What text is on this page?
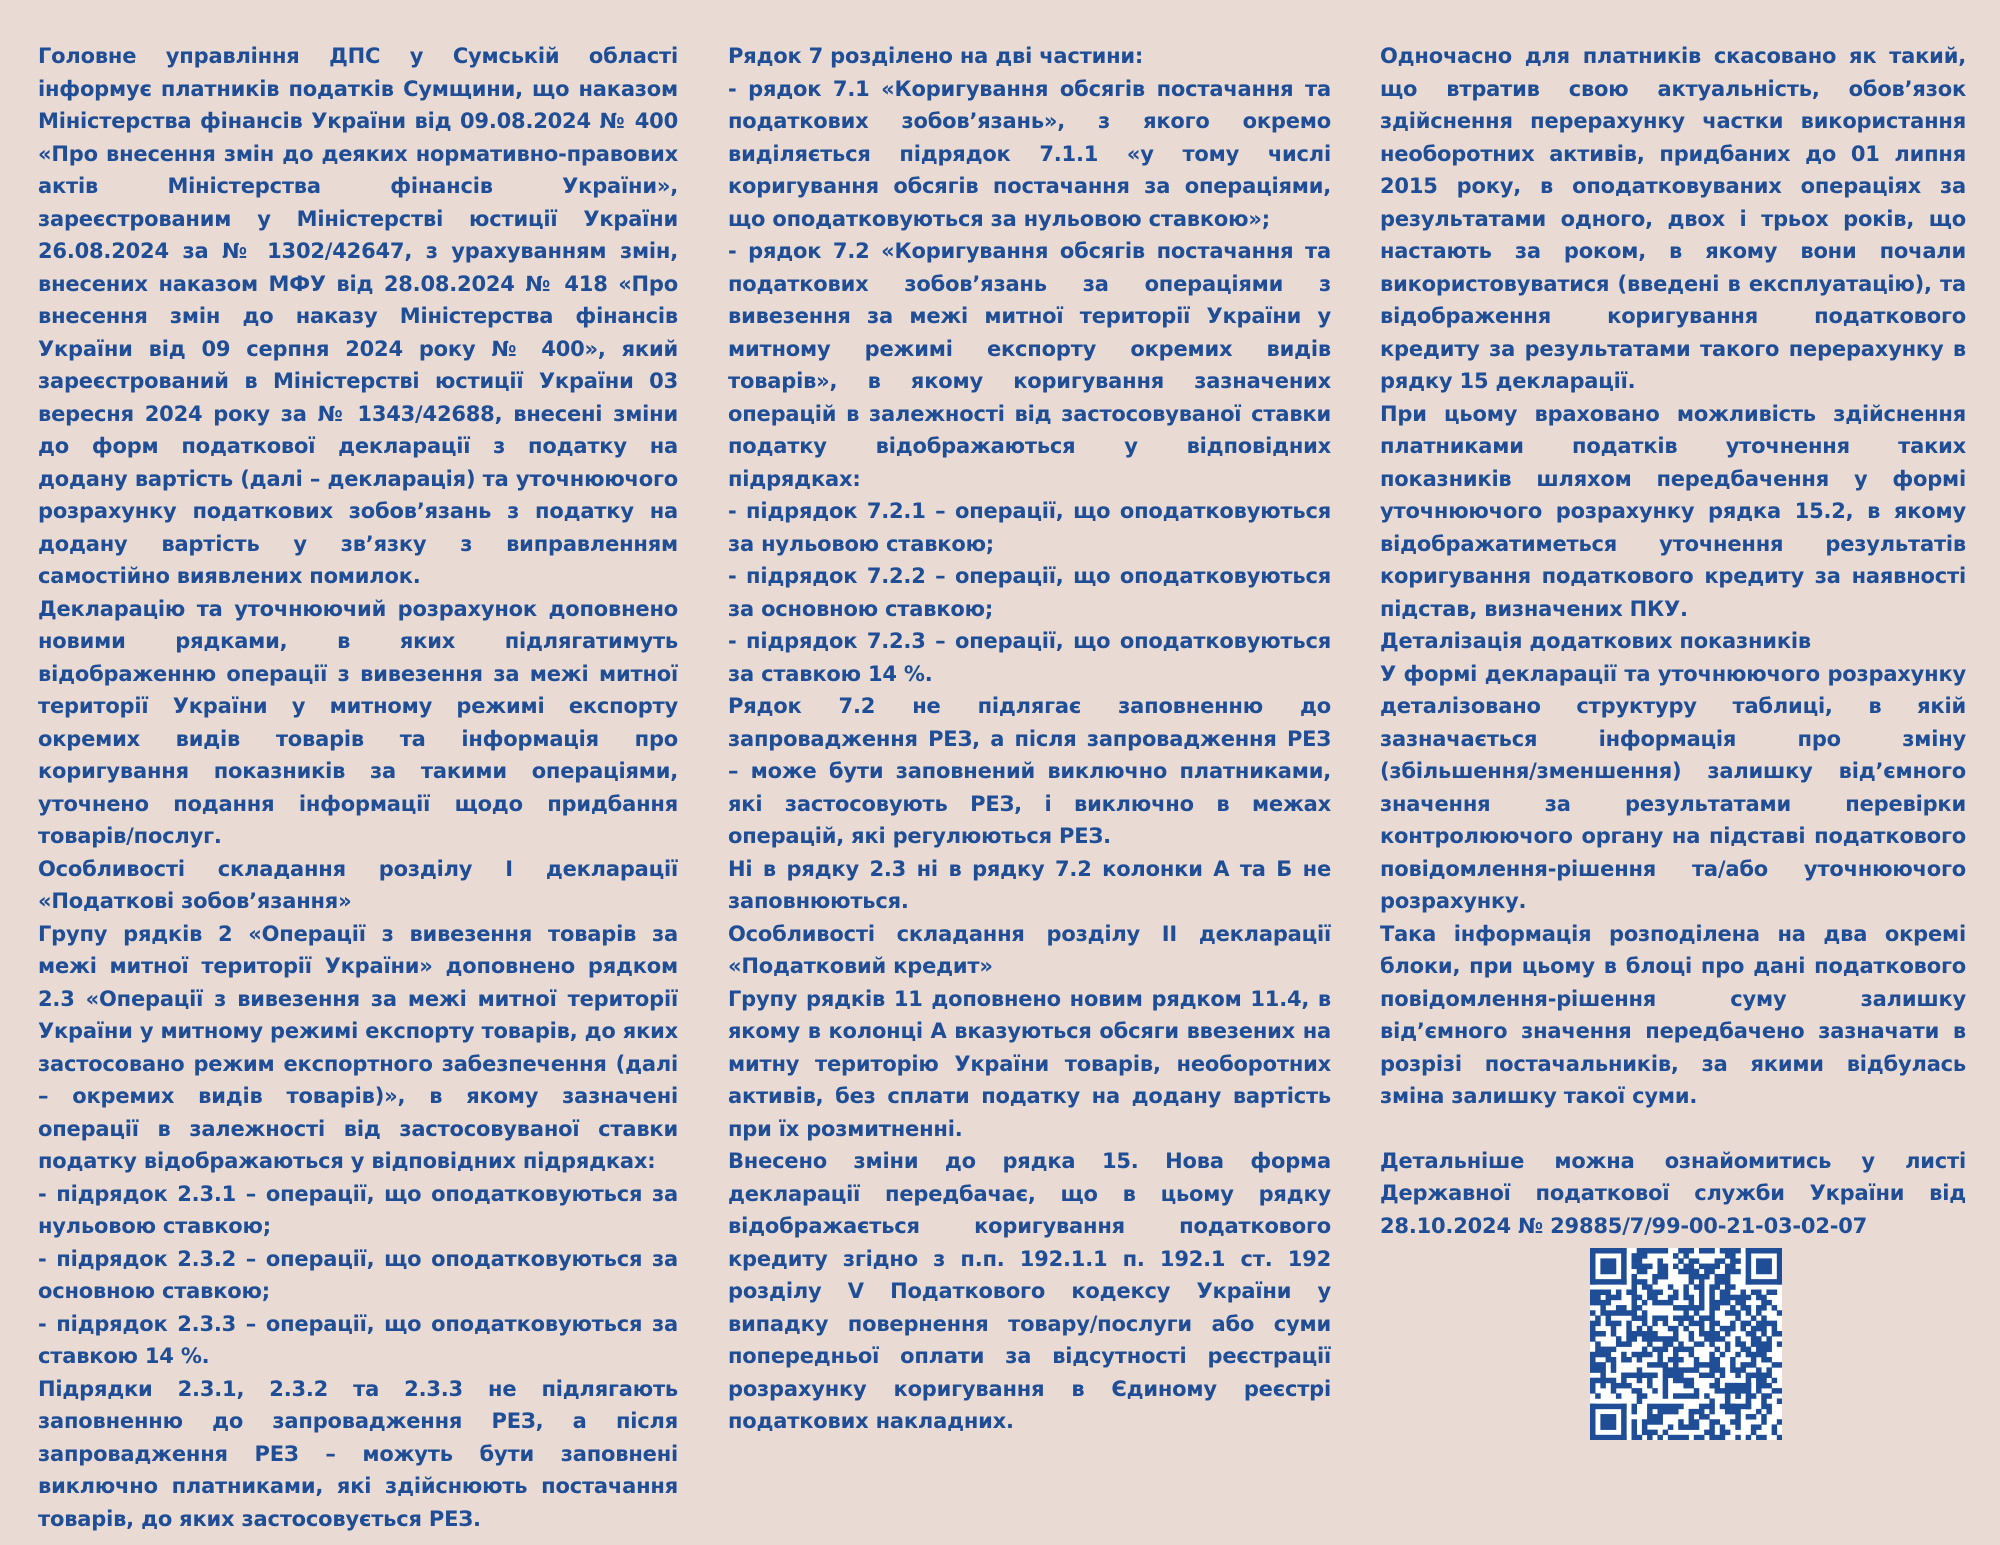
Головне управління ДПС у Сумській області інформує платників податків Сумщини, що наказом Міністерства фінансів України від 09.08.2024 № 400 «Про внесення змін до деяких нормативно-правових актів Міністерства фінансів України», зареєстрованим у Міністерстві юстиції України 26.08.2024 за № 1302/42647, з урахуванням змін, внесених наказом МФУ від 28.08.2024 № 418 «Про внесення змін до наказу Міністерства фінансів України від 09 серпня 2024 року № 400», який зареєстрований в Міністерстві юстиції України 03 вересня 2024 року за № 1343/42688, внесені зміни до форм податкової декларації з податку на додану вартість (далі – декларація) та уточнюючого розрахунку податкових зобов’язань з податку на додану вартість у зв’язку з виправленням самостійно виявлених помилок.

Декларацію та уточнюючий розрахунок доповнено новими рядками, в яких підлягатимуть відображенню операції з вивезення за межі митної території України у митному режимі експорту окремих видів товарів та інформація про коригування показників за такими операціями, уточнено подання інформації щодо придбання товарів/послуг.

Особливості складання розділу I декларації «Податкові зобов’язання»

Групу рядків 2 «Операції з вивезення товарів за межі митної території України» доповнено рядком 2.3 «Операції з вивезення за межі митної території України у митному режимі експорту товарів, до яких застосовано режим експортного забезпечення (далі – окремих видів товарів)», в якому зазначені операції в залежності від застосовуваної ставки податку відображаються у відповідних підрядках:

- підрядок 2.3.1 – операції, що оподатковуються за нульовою ставкою;

- підрядок 2.3.2 – операції, що оподатковуються за основною ставкою;

- підрядок 2.3.3 – операції, що оподатковуються за ставкою 14 %.

Підрядки 2.3.1, 2.3.2 та 2.3.3 не підлягають заповненню до запровадження РЕЗ, а після запровадження РЕЗ – можуть бути заповнені виключно платниками, які здійснюють постачання товарів, до яких застосовується РЕЗ.

Рядок 7 розділено на дві частини:

- рядок 7.1 «Коригування обсягів постачання та податкових зобов’язань», з якого окремо виділяється підрядок 7.1.1 «у тому числі коригування обсягів постачання за операціями, що оподатковуються за нульовою ставкою»;

- рядок 7.2 «Коригування обсягів постачання та податкових зобов’язань за операціями з вивезення за межі митної території України у митному режимі експорту окремих видів товарів», в якому коригування зазначених операцій в залежності від застосовуваної ставки податку відображаються у відповідних підрядках:

- підрядок 7.2.1 – операції, що оподатковуються за нульовою ставкою;

- підрядок 7.2.2 – операції, що оподатковуються за основною ставкою;

- підрядок 7.2.3 – операції, що оподатковуються за ставкою 14 %.

Рядок 7.2 не підлягає заповненню до запровадження РЕЗ, а після запровадження РЕЗ – може бути заповнений виключно платниками, які застосовують РЕЗ, і виключно в межах операцій, які регулюються РЕЗ.

Ні в рядку 2.3 ні в рядку 7.2 колонки А та Б не заповнюються.

Особливості складання розділу II декларації «Податковий кредит»

Групу рядків 11 доповнено новим рядком 11.4, в якому в колонці А вказуються обсяги ввезених на митну територію України товарів, необоротних активів, без сплати податку на додану вартість при їх розмитненні.

Внесено зміни до рядка 15. Нова форма декларації передбачає, що в цьому рядку відображається коригування податкового кредиту згідно з п.п. 192.1.1 п. 192.1 ст. 192 розділу V Податкового кодексу України у випадку повернення товару/послуги або суми попередньої оплати за відсутності реєстрації розрахунку коригування в Єдиному реєстрі податкових накладних.

Одночасно для платників скасовано як такий, що втратив свою актуальність, обов’язок здійснення перерахунку частки використання необоротних активів, придбаних до 01 липня 2015 року, в оподатковуваних операціях за результатами одного, двох і трьох років, що настають за роком, в якому вони почали використовуватися (введені в експлуатацію), та відображення коригування податкового кредиту за результатами такого перерахунку в рядку 15 декларації.

При цьому враховано можливість здійснення платниками податків уточнення таких показників шляхом передбачення у формі уточнюючого розрахунку рядка 15.2, в якому відображатиметься уточнення результатів коригування податкового кредиту за наявності підстав, визначених ПКУ.

Деталізація додаткових показників

У формі декларації та уточнюючого розрахунку деталізовано структуру таблиці, в якій зазначається інформація про зміну (збільшення/зменшення) залишку від’ємного значення за результатами перевірки контролюючого органу на підставі податкового повідомлення-рішення та/або уточнюючого розрахунку.

Така інформація розподілена на два окремі блоки, при цьому в блоці про дані податкового повідомлення-рішення суму залишку від’ємного значення передбачено зазначати в розрізі постачальників, за якими відбулась зміна залишку такої суми.

Детальніше можна ознайомитись у листі Державної податкової служби України від 28.10.2024 № 29885/7/99-00-21-03-02-07
